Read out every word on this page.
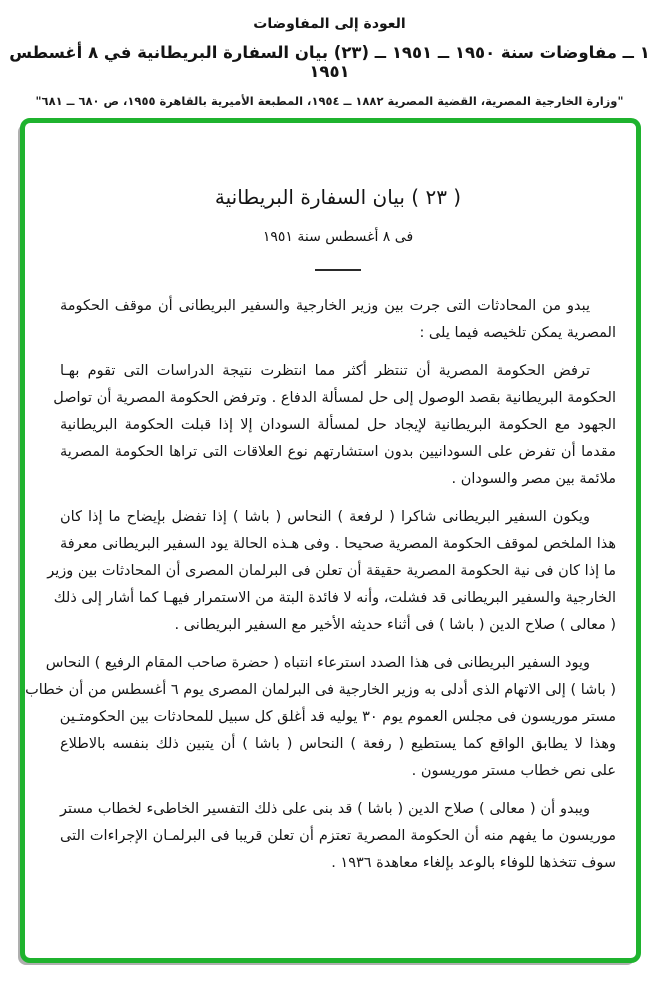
العودة إلى المفاوضات

١ ــ مفاوضات سنة ١٩٥٠ ــ ١٩٥١ ــ (٢٣) بيان السفارة البريطانية في ٨ أغسطس ١٩٥١

"وزارة الخارجية المصرية، القضية المصرية ١٨٨٢ ــ ١٩٥٤، المطبعة الأميرية بالقاهرة ١٩٥٥، ص ٦٨٠ ــ ٦٨١"

( ٢٣ ) بيان السفارة البريطانية
فى ٨ أغسطس سنة ١٩٥١
يبدو من المحادثات التى جرت بين وزير الخارجية والسفير البريطانى أن موقف الحكومة
المصرية يمكن تلخيصه فيما يلى :
ترفض الحكومة المصرية أن تنتظر أكثر مما انتظرت نتيجة الدراسات التى تقوم بهـا
الحكومة البريطانية بقصد الوصول إلى حل لمسألة الدفاع . وترفض الحكومة المصرية أن تواصل
الجهود مع الحكومة البريطانية لإيجاد حل لمسألة السودان إلا إذا قبلت الحكومة البريطانية
مقدما أن تفرض على السودانيين بدون استشارتهم نوع العلاقات التى تراها الحكومة المصرية
ملائمة بين مصر والسودان .
ويكون السفير البريطانى شاكرا ( لرفعة ) النحاس ( باشا ) إذا تفضل بإيضاح ما إذا كان
هذا الملخص لموقف الحكومة المصرية صحيحا . وفى هـذه الحالة يود السفير البريطانى معرفة
ما إذا كان فى نية الحكومة المصرية حقيقة أن تعلن فى البرلمان المصرى أن المحادثات بين وزير
الخارجية والسفير البريطانى قد فشلت، وأنه لا فائدة البتة من الاستمرار فيهـا كما أشار إلى ذلك
( معالى ) صلاح الدين ( باشا ) فى أثناء حديثه الأخير مع السفير البريطانى .
ويود السفير البريطانى فى هذا الصدد استرعاء انتباه ( حضرة صاحب المقام الرفيع ) النحاس
( باشا ) إلى الاتهام الذى أدلى به وزير الخارجية فى البرلمان المصرى يوم ٦ أغسطس من أن خطاب
مستر موريسون فى مجلس العموم يوم ٣٠ يوليه قد أغلق كل سبيل للمحادثات بين الحكومتـين
وهذا لا يطابق الواقع كما يستطيع ( رفعة ) النحاس ( باشا ) أن يتبين ذلك بنفسه بالاطلاع
على نص خطاب مستر موريسون .
ويبدو أن ( معالى ) صلاح الدين ( باشا ) قد بنى على ذلك التفسير الخاطىء لخطاب مستر
موريسون ما يفهم منه أن الحكومة المصرية تعتزم أن تعلن قريبا فى البرلمـان الإجراءات التى
سوف تتخذها للوفاء بالوعد بإلغاء معاهدة ١٩٣٦ .
